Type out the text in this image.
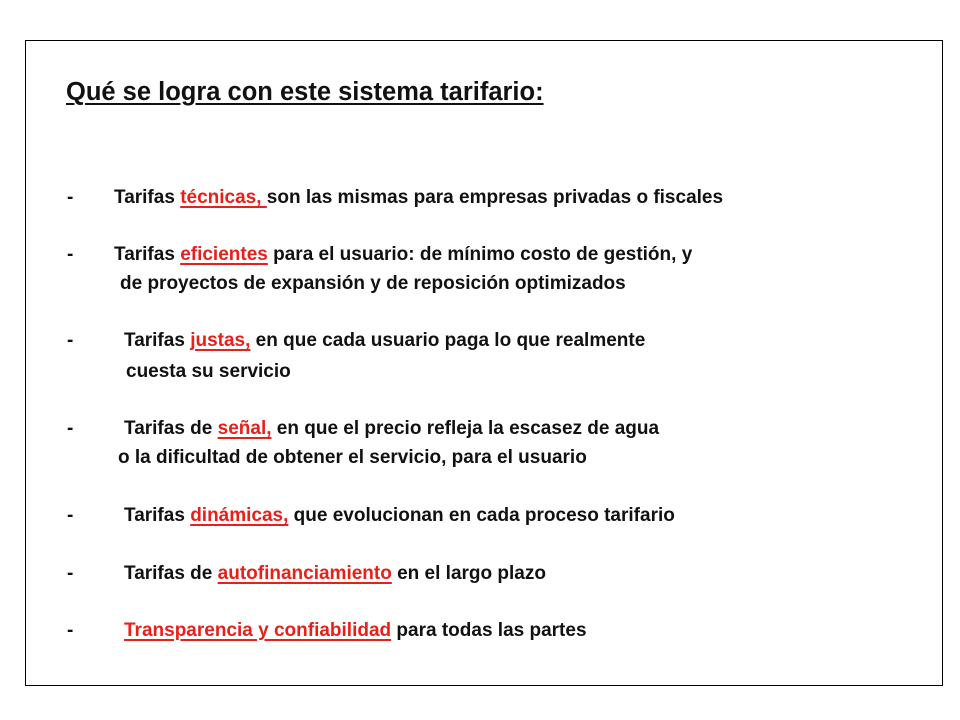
Qué se logra con este sistema tarifario:
- Tarifas técnicas, son las mismas para empresas privadas o fiscales
- Tarifas eficientes para el usuario: de mínimo costo de gestión, y
de proyectos de expansión y de reposición optimizados
-	Tarifas justas, en que cada usuario paga lo que realmente
cuesta su servicio
-	Tarifas de señal, en que el precio refleja la escasez de agua
o la dificultad de obtener el servicio, para el usuario
-	Tarifas dinámicas, que evolucionan en cada proceso tarifario
-	Tarifas de autofinanciamiento en el largo plazo
-	Transparencia y confiabilidad para todas las partes
